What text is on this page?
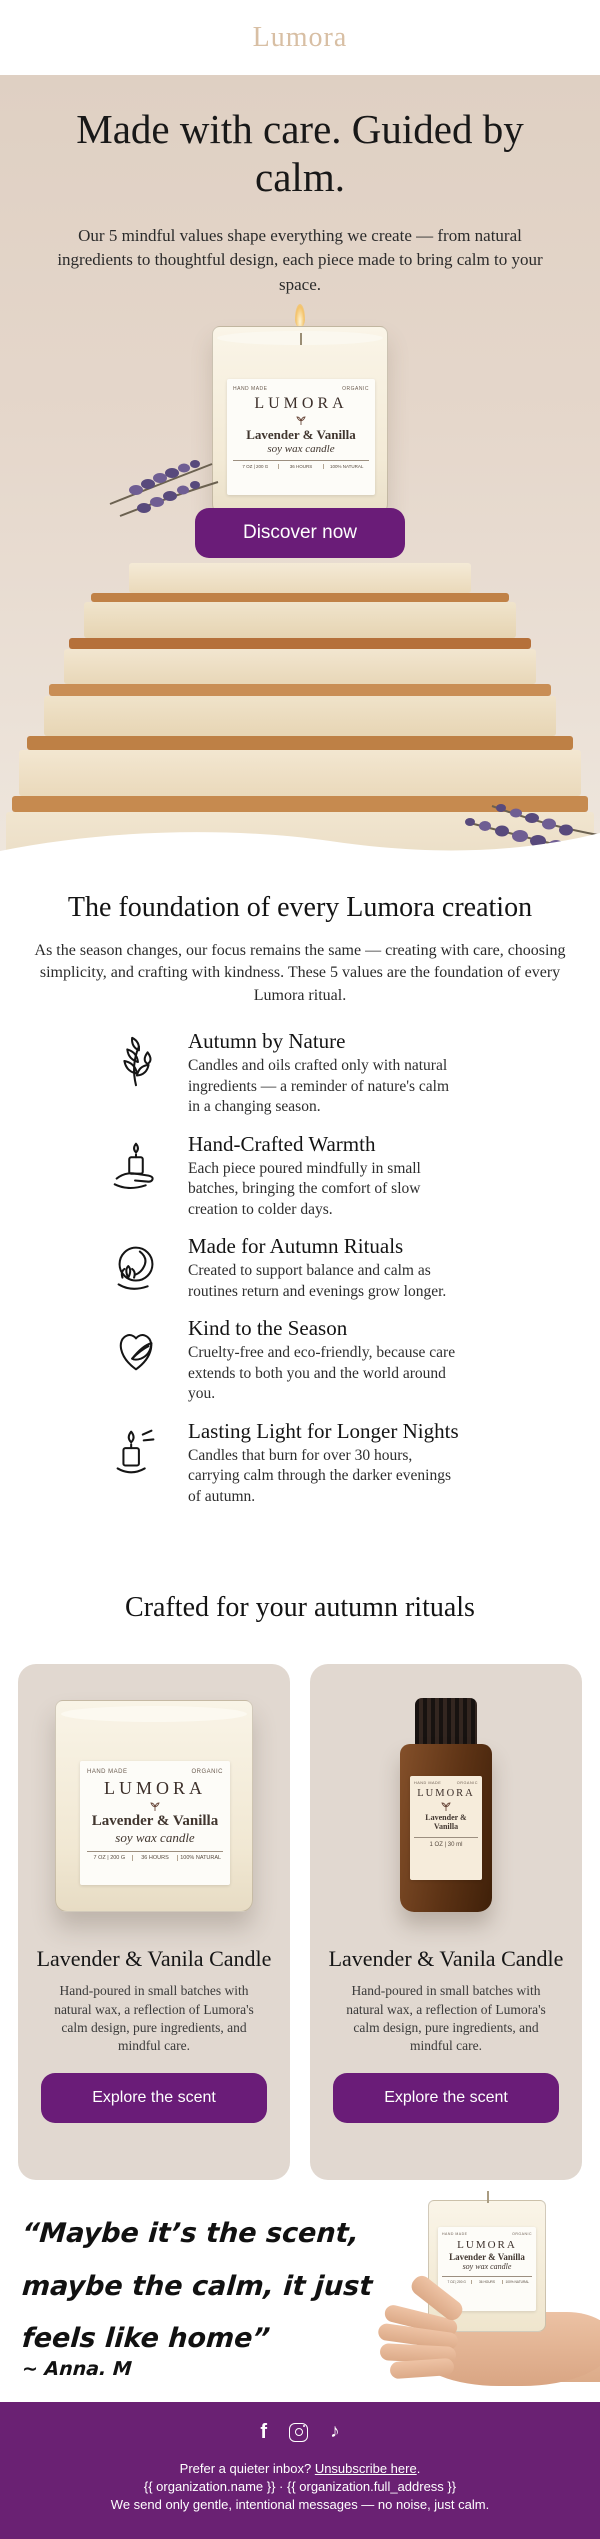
Lumora
Made with care. Guided by calm.
Our 5 mindful values shape everything we create — from natural ingredients to thoughtful design, each piece made to bring calm to your space.
HAND MADE	ORGANIC
LUMORA
Lavender & Vanilla
soy wax candle
7 OZ | 200 G	36 HOURS	100% NATURAL
Discover now
The foundation of every Lumora creation
As the season changes, our focus remains the same — creating with care, choosing simplicity, and crafting with kindness. These 5 values are the foundation of every Lumora ritual.
Autumn by Nature
Candles and oils crafted only with natural ingredients — a reminder of nature's calm in a changing season.
Hand-Crafted Warmth
Each piece poured mindfully in small batches, bringing the comfort of slow creation to colder days.
Made for Autumn Rituals
Created to support balance and calm as routines return and evenings grow longer.
Kind to the Season
Cruelty-free and eco-friendly, because care extends to both you and the world around you.
Lasting Light for Longer Nights
Candles that burn for over 30 hours, carrying calm through the darker evenings of autumn.
Crafted for your autumn rituals
HAND MADE	ORGANIC
LUMORA
Lavender & Vanilla
soy wax candle
7 OZ | 200 G	36 HOURS	100% NATURAL
Lavender & Vanila Candle
Hand-poured in small batches with natural wax, a reflection of Lumora's calm design, pure ingredients, and mindful care.
Explore the scent
HAND MADE	ORGANIC
LUMORA
Lavender & Vanilla
1 OZ | 30 ml
Lavender & Vanila Candle
Hand-poured in small batches with natural wax, a reflection of Lumora's calm design, pure ingredients, and mindful care.
Explore the scent
“Maybe it’s the scent,
maybe the calm, it just
feels like home”
~ Anna. M
HAND MADE	ORGANIC
LUMORA
Lavender & Vanilla
soy wax candle
7 OZ | 200 G	36 HOURS	100% NATURAL
f	♪
Prefer a quieter inbox? Unsubscribe here.
{{ organization.name }} · {{ organization.full_address }}
We send only gentle, intentional messages — no noise, just calm.
